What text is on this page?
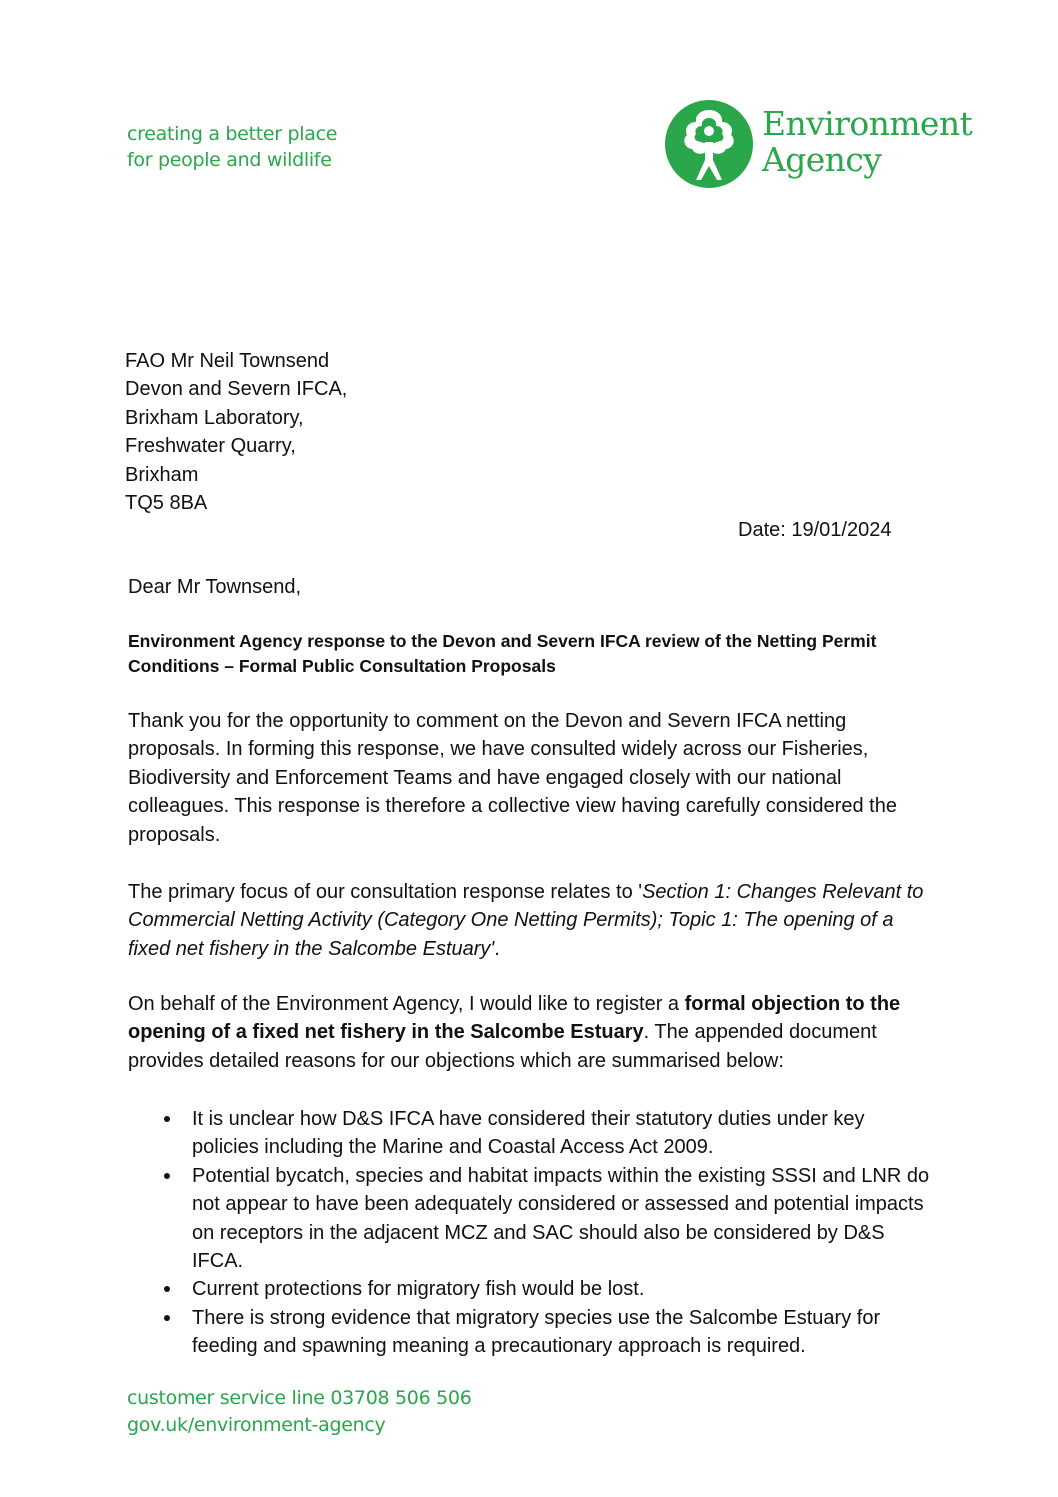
creating a better place
for people and wildlife
Environment
Agency
FAO Mr Neil Townsend
Devon and Severn IFCA,
Brixham Laboratory,
Freshwater Quarry,
Brixham
TQ5 8BA
Date: 19/01/2024
Dear Mr Townsend,
Environment Agency response to the Devon and Severn IFCA review of the Netting Permit Conditions – Formal Public Consultation Proposals
Thank you for the opportunity to comment on the Devon and Severn IFCA netting proposals. In forming this response, we have consulted widely across our Fisheries, Biodiversity and Enforcement Teams and have engaged closely with our national colleagues. This response is therefore a collective view having carefully considered the proposals.
The primary focus of our consultation response relates to 'Section 1: Changes Relevant to Commercial Netting Activity (Category One Netting Permits); Topic 1: The opening of a fixed net fishery in the Salcombe Estuary'.
On behalf of the Environment Agency, I would like to register a formal objection to the opening of a fixed net fishery in the Salcombe Estuary. The appended document provides detailed reasons for our objections which are summarised below:
It is unclear how D&S IFCA have considered their statutory duties under key policies including the Marine and Coastal Access Act 2009.
Potential bycatch, species and habitat impacts within the existing SSSI and LNR do not appear to have been adequately considered or assessed and potential impacts on receptors in the adjacent MCZ and SAC should also be considered by D&S IFCA.
Current protections for migratory fish would be lost.
There is strong evidence that migratory species use the Salcombe Estuary for feeding and spawning meaning a precautionary approach is required.
customer service line 03708 506 506
gov.uk/environment-agency
